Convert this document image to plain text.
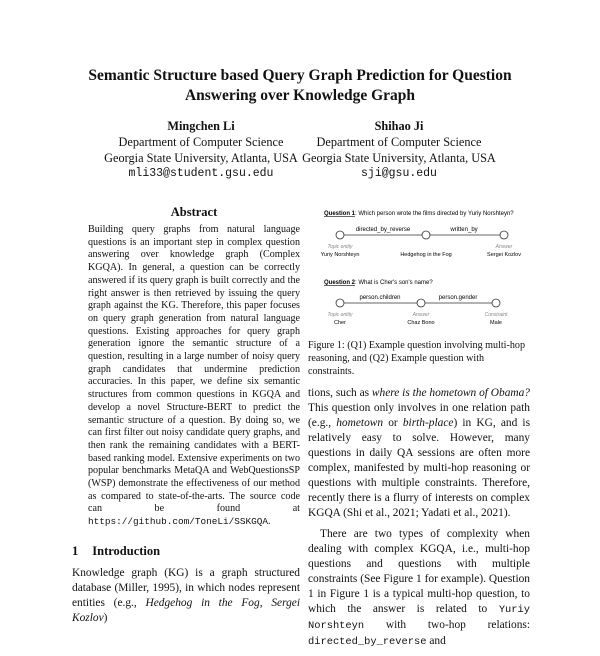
Semantic Structure based Query Graph Prediction for Question
Answering over Knowledge Graph
Mingchen Li
Department of Computer Science
Georgia State University, Atlanta, USA
mli33@student.gsu.edu
Shihao Ji
Department of Computer Science
Georgia State University, Atlanta, USA
sji@gsu.edu
Abstract
Building query graphs from natural language questions is an important step in complex question answering over knowledge graph (Complex KGQA). In general, a question can be correctly answered if its query graph is built correctly and the right answer is then retrieved by issuing the query graph against the KG. Therefore, this paper focuses on query graph generation from natural language questions. Existing approaches for query graph generation ignore the semantic structure of a question, resulting in a large number of noisy query graph candidates that undermine prediction accuracies. In this paper, we define six semantic structures from common questions in KGQA and develop a novel Structure-BERT to predict the semantic structure of a question. By doing so, we can first filter out noisy candidate query graphs, and then rank the remaining candidates with a BERT-based ranking model. Extensive experiments on two popular benchmarks MetaQA and WebQuestionsSP (WSP) demonstrate the effectiveness of our method as compared to state-of-the-arts. The source code can be found at https://github.com/ToneLi/SSKGQA.
1 Introduction
Knowledge graph (KG) is a graph structured database (Miller, 1995), in which nodes represent entities (e.g., Hedgehog in the Fog, Sergei Kozlov)
Question 1: Which person wrote the films directed by Yuriy Norshteyn?
directed_by_reverse	written_by
Topic entity
Yuriy Norshteyn	Hedgehog in the Fog
Answer
Sergei Kozlov
Question 2: What is Cher's son's name?
person.children	person.gender
Topic entity
Cher
Answer
Chaz Bono
Constraint
Male
Figure 1: (Q1) Example question involving multi-hop reasoning, and (Q2) Example question with constraints.

tions, such as where is the hometown of Obama? This question only involves in one relation path (e.g., hometown or birth-place) in KG, and is relatively easy to solve. However, many questions in daily QA sessions are often more complex, manifested by multi-hop reasoning or questions with multiple constraints. Therefore, recently there is a flurry of interests on complex KGQA (Shi et al., 2021; Yadati et al., 2021).

There are two types of complexity when dealing with complex KGQA, i.e., multi-hop questions and questions with multiple constraints (See Figure 1 for example). Question 1 in Figure 1 is a typical multi-hop question, to which the answer is related to Yuriy Norshteyn with two-hop relations: directed_by_reverse and
